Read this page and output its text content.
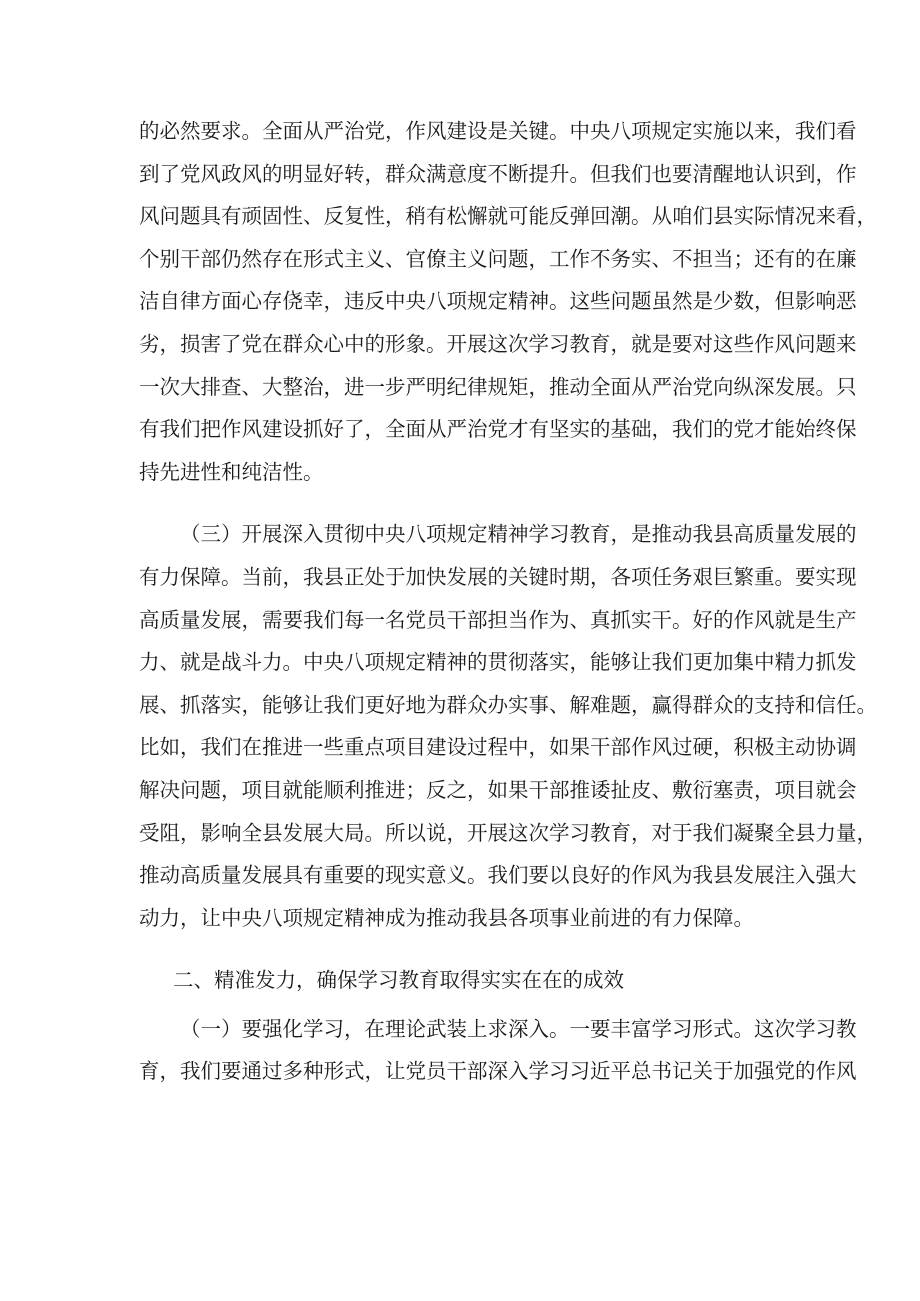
的必然要求。全面从严治党，作风建设是关键。中央八项规定实施以来，我们看
到了党风政风的明显好转，群众满意度不断提升。但我们也要清醒地认识到，作
风问题具有顽固性、反复性，稍有松懈就可能反弹回潮。从咱们县实际情况来看，
个别干部仍然存在形式主义、官僚主义问题，工作不务实、不担当；还有的在廉
洁自律方面心存侥幸，违反中央八项规定精神。这些问题虽然是少数，但影响恶
劣，损害了党在群众心中的形象。开展这次学习教育，就是要对这些作风问题来
一次大排查、大整治，进一步严明纪律规矩，推动全面从严治党向纵深发展。只
有我们把作风建设抓好了，全面从严治党才有坚实的基础，我们的党才能始终保
持先进性和纯洁性。
（三）开展深入贯彻中央八项规定精神学习教育，是推动我县高质量发展的
有力保障。当前，我县正处于加快发展的关键时期，各项任务艰巨繁重。要实现
高质量发展，需要我们每一名党员干部担当作为、真抓实干。好的作风就是生产
力、就是战斗力。中央八项规定精神的贯彻落实，能够让我们更加集中精力抓发
展、抓落实，能够让我们更好地为群众办实事、解难题，赢得群众的支持和信任。
比如，我们在推进一些重点项目建设过程中，如果干部作风过硬，积极主动协调
解决问题，项目就能顺利推进；反之，如果干部推诿扯皮、敷衍塞责，项目就会
受阻，影响全县发展大局。所以说，开展这次学习教育，对于我们凝聚全县力量，
推动高质量发展具有重要的现实意义。我们要以良好的作风为我县发展注入强大
动力，让中央八项规定精神成为推动我县各项事业前进的有力保障。
二、精准发力，确保学习教育取得实实在在的成效
（一）要强化学习，在理论武装上求深入。一要丰富学习形式。这次学习教
育，我们要通过多种形式，让党员干部深入学习习近平总书记关于加强党的作风
